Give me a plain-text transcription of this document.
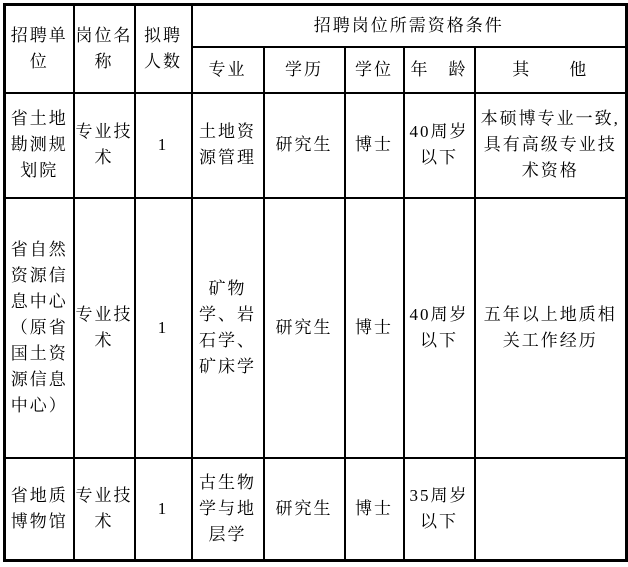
招聘单位	岗位名称	拟聘人数	招聘岗位所需资格条件				
			专业	学历	学位	年　龄	其　　他
省土地勘测规划院	专业技术	1	土地资源管理	研究生	博士	40周岁以下	本硕博专业一致,具有高级专业技术资格
省自然资源信息中心（原省国土资源信息中心）	专业技术	1	矿物学、岩石学、矿床学	研究生	博士	40周岁以下	五年以上地质相关工作经历
省地质博物馆	专业技术	1	古生物学与地层学	研究生	博士	35周岁以下	
